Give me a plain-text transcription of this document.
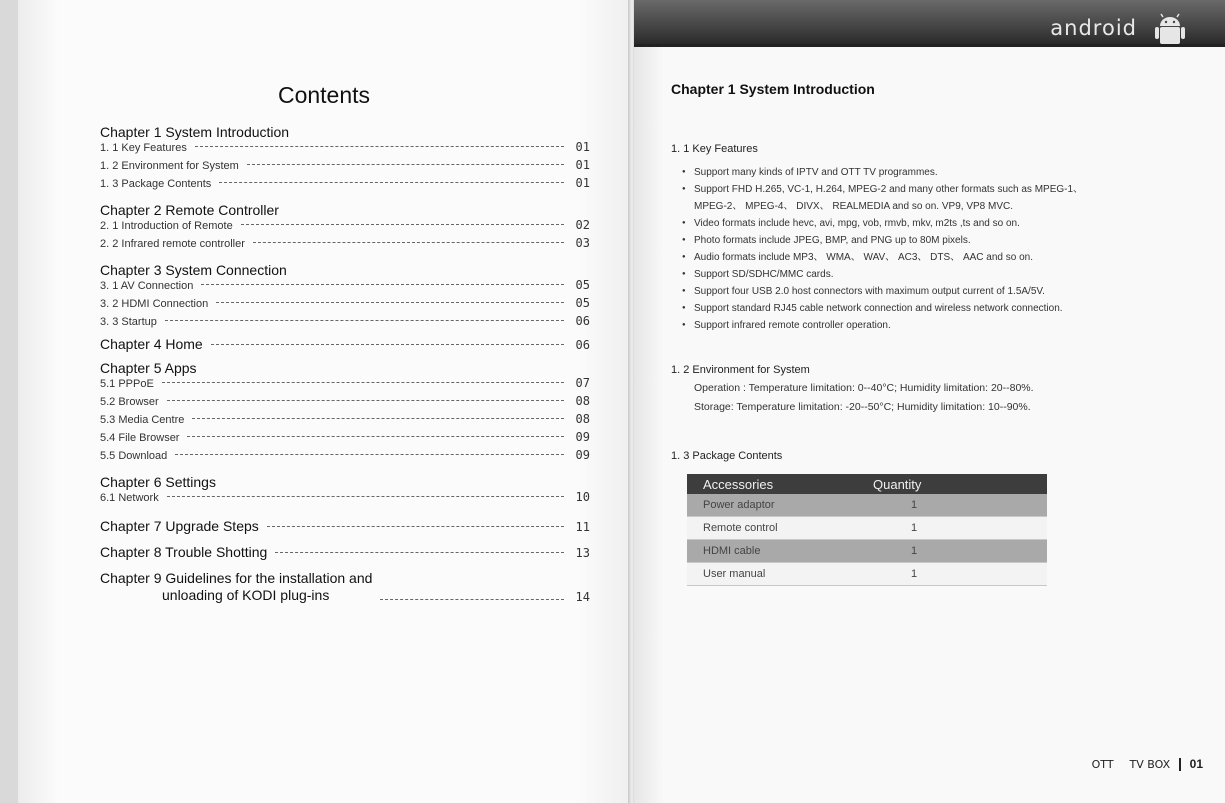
Contents
Chapter 1 System Introduction
1. 1 Key Features	01
1. 2 Environment for System	01
1. 3 Package Contents	01
Chapter 2 Remote Controller
2. 1 Introduction of Remote	02
2. 2 Infrared remote controller	03
Chapter 3 System Connection
3. 1 AV Connection	05
3. 2 HDMI Connection	05
3. 3 Startup	06
Chapter 4 Home	06
Chapter 5 Apps
5.1 PPPoE	07
5.2 Browser	08
5.3 Media Centre	08
5.4 File Browser	09
5.5 Download	09
Chapter 6 Settings
6.1 Network	10
Chapter 7 Upgrade Steps	11
Chapter 8 Trouble Shotting	13
Chapter 9 Guidelines for the installation and
unloading of KODI plug-ins	14
android
Chapter 1 System Introduction
1. 1 Key Features
● Support many kinds of IPTV and OTT TV programmes.
● Support FHD H.265, VC-1, H.264, MPEG-2 and many other formats such as MPEG-1、
MPEG-2、 MPEG-4、 DIVX、 REALMEDIA and so on. VP9, VP8 MVC.
● Video formats include hevc, avi, mpg, vob, rmvb, mkv, m2ts ,ts and so on.
● Photo formats include JPEG, BMP, and PNG up to 80M pixels.
● Audio formats include MP3、 WMA、 WAV、 AC3、 DTS、 AAC and so on.
● Support SD/SDHC/MMC cards.
● Support four USB 2.0 host connectors with maximum output current of 1.5A/5V.
● Support standard RJ45 cable network connection and wireless network connection.
● Support infrared remote controller operation.
1. 2 Environment for System
Operation : Temperature limitation: 0--40°C; Humidity limitation: 20--80%.
Storage: Temperature limitation: -20--50°C; Humidity limitation: 10--90%.
1. 3 Package Contents
Accessories	Quantity
Power adaptor	1
Remote control	1
HDMI cable	1
User manual	1
OTT TV BOX 01
